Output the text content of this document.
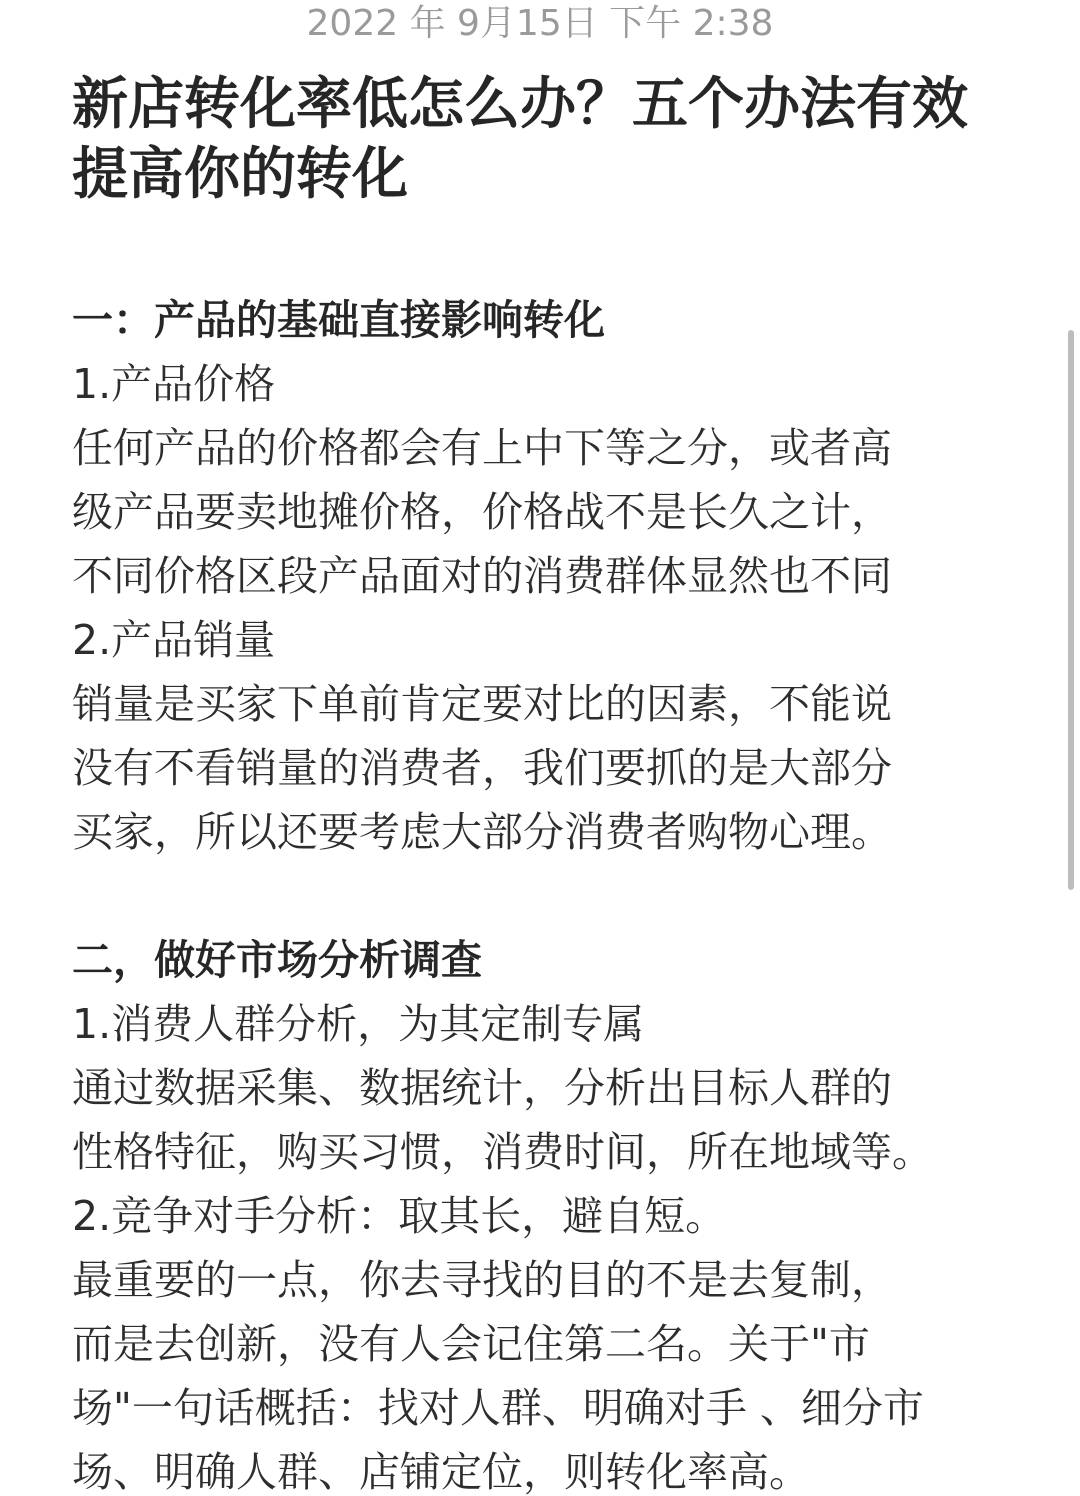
2022 年 9月15日 下午 2:38
新店转化率低怎么办？五个办法有效
提高你的转化
一：产品的基础直接影响转化
1.产品价格
任何产品的价格都会有上中下等之分，或者高
级产品要卖地摊价格，价格战不是长久之计，
不同价格区段产品面对的消费群体显然也不同
2.产品销量
销量是买家下单前肯定要对比的因素，不能说
没有不看销量的消费者，我们要抓的是大部分
买家，所以还要考虑大部分消费者购物心理。
二，做好市场分析调查
1.消费人群分析，为其定制专属
通过数据采集、数据统计，分析出目标人群的
性格特征，购买习惯，消费时间，所在地域等。
2.竞争对手分析：取其长，避自短。
最重要的一点，你去寻找的目的不是去复制，
而是去创新，没有人会记住第二名。关于"市
场"一句话概括：找对人群、明确对手 、细分市
场、明确人群、店铺定位，则转化率高。
